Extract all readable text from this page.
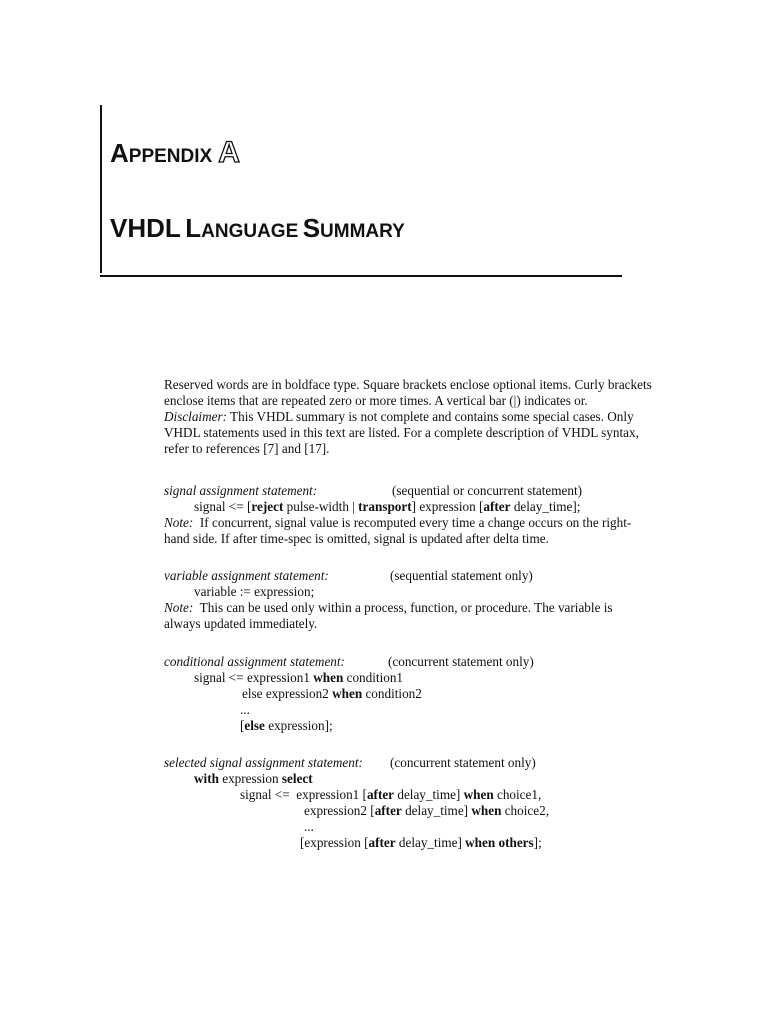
APPENDIX A
VHDL LANGUAGE SUMMARY

Reserved words are in boldface type. Square brackets enclose optional items. Curly brackets

enclose items that are repeated zero or more times. A vertical bar (|) indicates or.

Disclaimer: This VHDL summary is not complete and contains some special cases. Only

VHDL statements used in this text are listed. For a complete description of VHDL syntax,

refer to references [7] and [17].

signal assignment statement:	(sequential or concurrent statement)

signal <= [reject pulse-width | transport] expression [after delay_time];

Note:  If concurrent, signal value is recomputed every time a change occurs on the right-

hand side. If after time-spec is omitted, signal is updated after delta time.

variable assignment statement:	(sequential statement only)

variable := expression;

Note:  This can be used only within a process, function, or procedure. The variable is

always updated immediately.

conditional assignment statement:	(concurrent statement only)

signal <= expression1 when condition1

else expression2 when condition2

...

[else expression];

selected signal assignment statement: (concurrent statement only)

with expression select

signal <=  expression1 [after delay_time] when choice1,

expression2 [after delay_time] when choice2,

...

[expression [after delay_time] when others];
